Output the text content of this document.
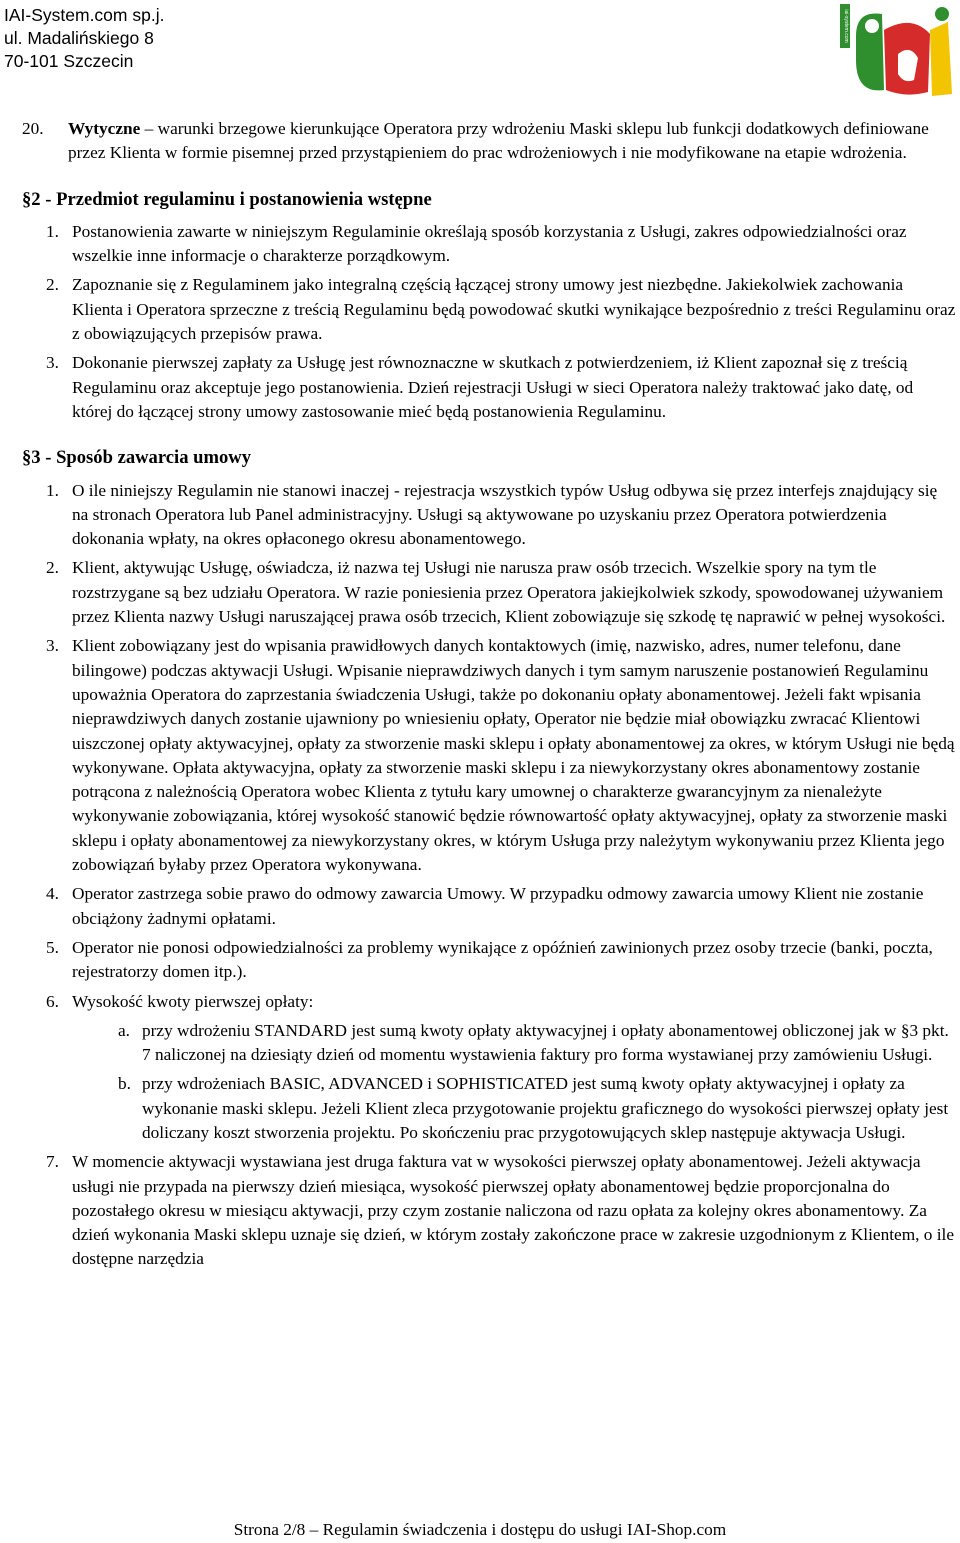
IAI-System.com sp.j.
ul. Madalińskiego 8
70-101 Szczecin
iai-system.com
20.	Wytyczne – warunki brzegowe kierunkujące Operatora przy wdrożeniu Maski sklepu lub funkcji dodatkowych definiowane przez Klienta w formie pisemnej przed przystąpieniem do prac wdrożeniowych i nie modyfikowane na etapie wdrożenia.
§2 - Przedmiot regulaminu i postanowienia wstępne
1. Postanowienia zawarte w niniejszym Regulaminie określają sposób korzystania z Usługi, zakres odpowiedzialności oraz wszelkie inne informacje o charakterze porządkowym.
2. Zapoznanie się z Regulaminem jako integralną częścią łączącej strony umowy jest niezbędne. Jakiekolwiek zachowania Klienta i Operatora sprzeczne z treścią Regulaminu będą powodować skutki wynikające bezpośrednio z treści Regulaminu oraz z obowiązujących przepisów prawa.
3. Dokonanie pierwszej zapłaty za Usługę jest równoznaczne w skutkach z potwierdzeniem, iż Klient zapoznał się z treścią Regulaminu oraz akceptuje jego postanowienia. Dzień rejestracji Usługi w sieci Operatora należy traktować jako datę, od której do łączącej strony umowy zastosowanie mieć będą postanowienia Regulaminu.
§3 - Sposób zawarcia umowy
1. O ile niniejszy Regulamin nie stanowi inaczej - rejestracja wszystkich typów Usług odbywa się przez interfejs znajdujący się na stronach Operatora lub Panel administracyjny. Usługi są aktywowane po uzyskaniu przez Operatora potwierdzenia dokonania wpłaty, na okres opłaconego okresu abonamentowego.
2. Klient, aktywując Usługę, oświadcza, iż nazwa tej Usługi nie narusza praw osób trzecich. Wszelkie spory na tym tle rozstrzygane są bez udziału Operatora. W razie poniesienia przez Operatora jakiejkolwiek szkody, spowodowanej używaniem przez Klienta nazwy Usługi naruszającej prawa osób trzecich, Klient zobowiązuje się szkodę tę naprawić w pełnej wysokości.
3. Klient zobowiązany jest do wpisania prawidłowych danych kontaktowych (imię, nazwisko, adres, numer telefonu, dane bilingowe) podczas aktywacji Usługi. Wpisanie nieprawdziwych danych i tym samym naruszenie postanowień Regulaminu upoważnia Operatora do zaprzestania świadczenia Usługi, także po dokonaniu opłaty abonamentowej. Jeżeli fakt wpisania nieprawdziwych danych zostanie ujawniony po wniesieniu opłaty, Operator nie będzie miał obowiązku zwracać Klientowi uiszczonej opłaty aktywacyjnej, opłaty za stworzenie maski sklepu i opłaty abonamentowej za okres, w którym Usługi nie będą wykonywane. Opłata aktywacyjna, opłaty za stworzenie maski sklepu i za niewykorzystany okres abonamentowy zostanie potrącona z należnością Operatora wobec Klienta z tytułu kary umownej o charakterze gwarancyjnym za nienależyte wykonywanie zobowiązania, której wysokość stanowić będzie równowartość opłaty aktywacyjnej, opłaty za stworzenie maski sklepu i opłaty abonamentowej za niewykorzystany okres, w którym Usługa przy należytym wykonywaniu przez Klienta jego zobowiązań byłaby przez Operatora wykonywana.
4. Operator zastrzega sobie prawo do odmowy zawarcia Umowy. W przypadku odmowy zawarcia umowy Klient nie zostanie obciążony żadnymi opłatami.
5. Operator nie ponosi odpowiedzialności za problemy wynikające z opóźnień zawinionych przez osoby trzecie (banki, poczta, rejestratorzy domen itp.).
6. Wysokość kwoty pierwszej opłaty:
a. przy wdrożeniu STANDARD jest sumą kwoty opłaty aktywacyjnej i opłaty abonamentowej obliczonej jak w §3 pkt. 7 naliczonej na dziesiąty dzień od momentu wystawienia faktury pro forma wystawianej przy zamówieniu Usługi.
b. przy wdrożeniach BASIC, ADVANCED i SOPHISTICATED jest sumą kwoty opłaty aktywacyjnej i opłaty za wykonanie maski sklepu. Jeżeli Klient zleca przygotowanie projektu graficznego do wysokości pierwszej opłaty jest doliczany koszt stworzenia projektu. Po skończeniu prac przygotowujących sklep następuje aktywacja Usługi.
7. W momencie aktywacji wystawiana jest druga faktura vat w wysokości pierwszej opłaty abonamentowej. Jeżeli aktywacja usługi nie przypada na pierwszy dzień miesiąca, wysokość pierwszej opłaty abonamentowej będzie proporcjonalna do pozostałego okresu w miesiącu aktywacji, przy czym zostanie naliczona od razu opłata za kolejny okres abonamentowy. Za dzień wykonania Maski sklepu uznaje się dzień, w którym zostały zakończone prace w zakresie uzgodnionym z Klientem, o ile dostępne narzędzia
Strona 2/8 – Regulamin świadczenia i dostępu do usługi IAI-Shop.com
